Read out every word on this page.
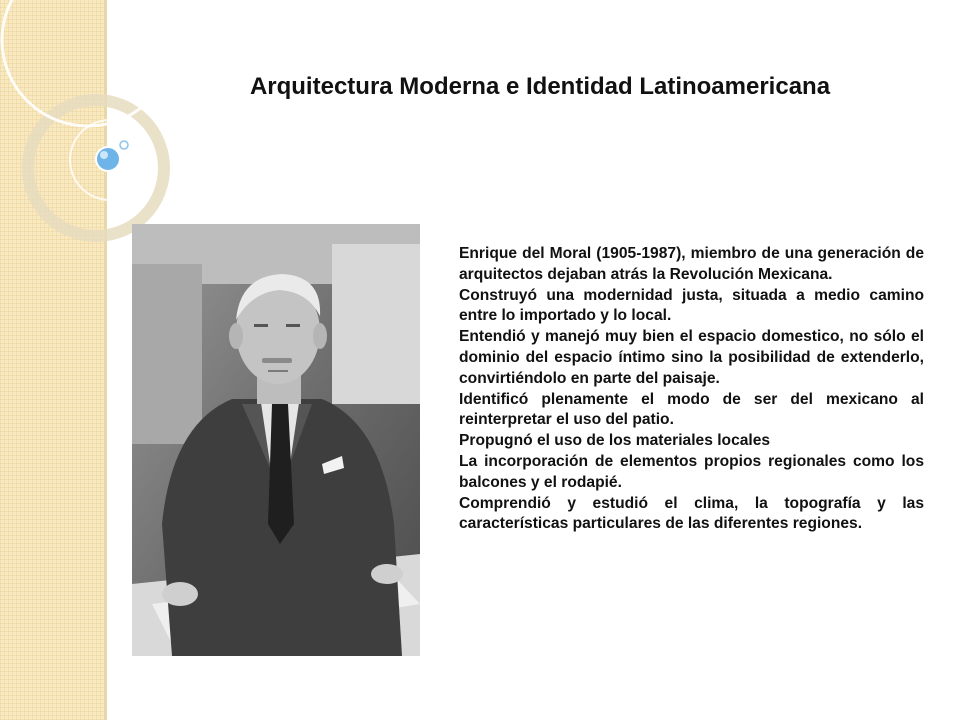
Arquitectura Moderna e Identidad Latinoamericana

Enrique del Moral (1905-1987), miembro de una generación de arquitectos dejaban atrás la Revolución Mexicana.

Construyó una modernidad justa, situada a medio camino entre lo importado y lo local.

Entendió y manejó muy bien el espacio domestico, no sólo el dominio del espacio íntimo sino la posibilidad de extenderlo, convirtiéndolo en parte del paisaje.

Identificó plenamente el modo de ser del mexicano al reinterpretar el uso del patio.

Propugnó el uso de los materiales locales

La incorporación de elementos propios regionales como los balcones y el rodapié.

Comprendió y estudió el clima, la topografía y las características particulares de las diferentes regiones.
